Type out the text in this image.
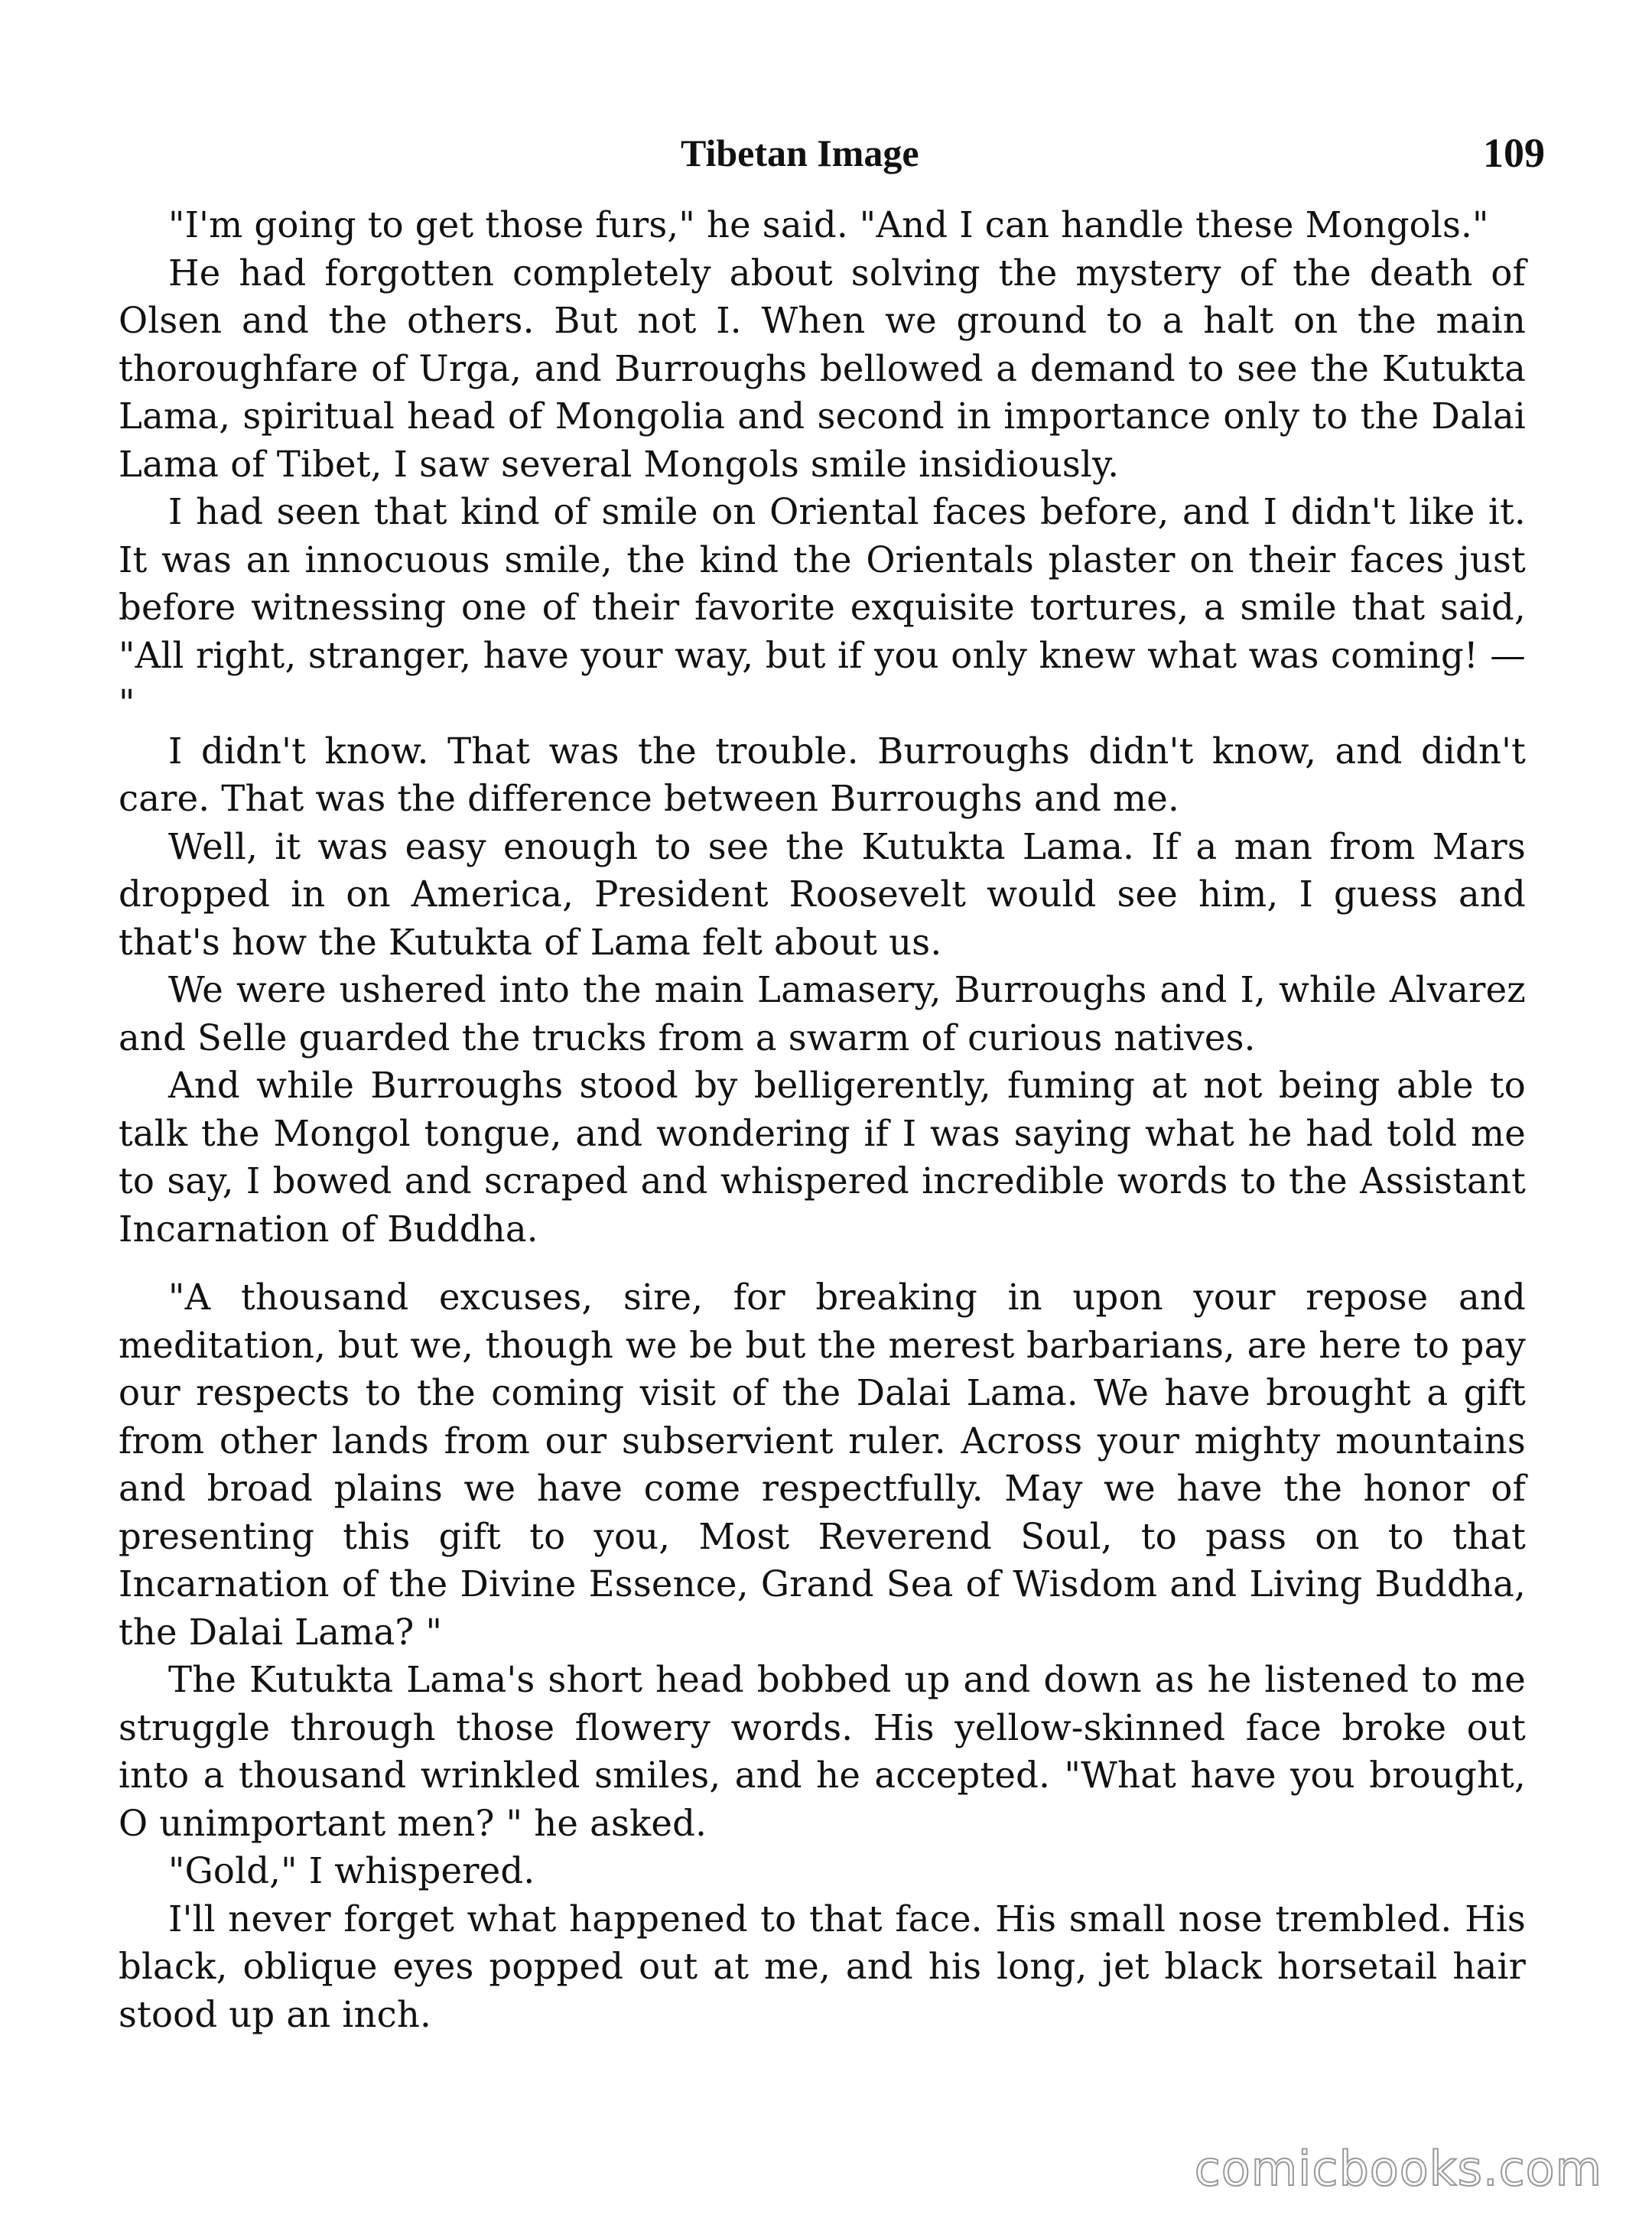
Tibetan Image	109

"I'm going to get those furs," he said. "And I can handle these Mongols."

He had forgotten completely about solving the mystery of the death of Olsen and the others. But not I. When we ground to a halt on the main thoroughfare of Urga, and Burroughs bellowed a demand to see the Kutukta Lama, spiritual head of Mongolia and second in importance only to the Dalai Lama of Tibet, I saw several Mongols smile insidiously.

I had seen that kind of smile on Oriental faces before, and I didn't like it. It was an innocuous smile, the kind the Orientals plaster on their faces just before witnessing one of their favorite exquisite tortures, a smile that said, "All right, stranger, have your way, but if you only knew what was coming! — "

I didn't know. That was the trouble. Burroughs didn't know, and didn't care. That was the difference between Burroughs and me.

Well, it was easy enough to see the Kutukta Lama. If a man from Mars dropped in on America, President Roosevelt would see him, I guess and that's how the Kutukta of Lama felt about us.

We were ushered into the main Lamasery, Burroughs and I, while Alvarez and Selle guarded the trucks from a swarm of curious natives.

And while Burroughs stood by belligerently, fuming at not being able to talk the Mongol tongue, and wondering if I was saying what he had told me to say, I bowed and scraped and whispered incredible words to the Assistant Incarnation of Buddha.

"A thousand excuses, sire, for breaking in upon your repose and meditation, but we, though we be but the merest barbarians, are here to pay our respects to the coming visit of the Dalai Lama. We have brought a gift from other lands from our subservient ruler. Across your mighty mountains and broad plains we have come respectfully. May we have the honor of presenting this gift to you, Most Reverend Soul, to pass on to that Incarnation of the Divine Essence, Grand Sea of Wisdom and Living Buddha, the Dalai Lama? "

The Kutukta Lama's short head bobbed up and down as he listened to me struggle through those flowery words. His yellow-skinned face broke out into a thousand wrinkled smiles, and he accepted. "What have you brought, O unimportant men? " he asked.

"Gold," I whispered.

I'll never forget what happened to that face. His small nose trembled. His black, oblique eyes popped out at me, and his long, jet black horsetail hair stood up an inch.

comicbooks.com
